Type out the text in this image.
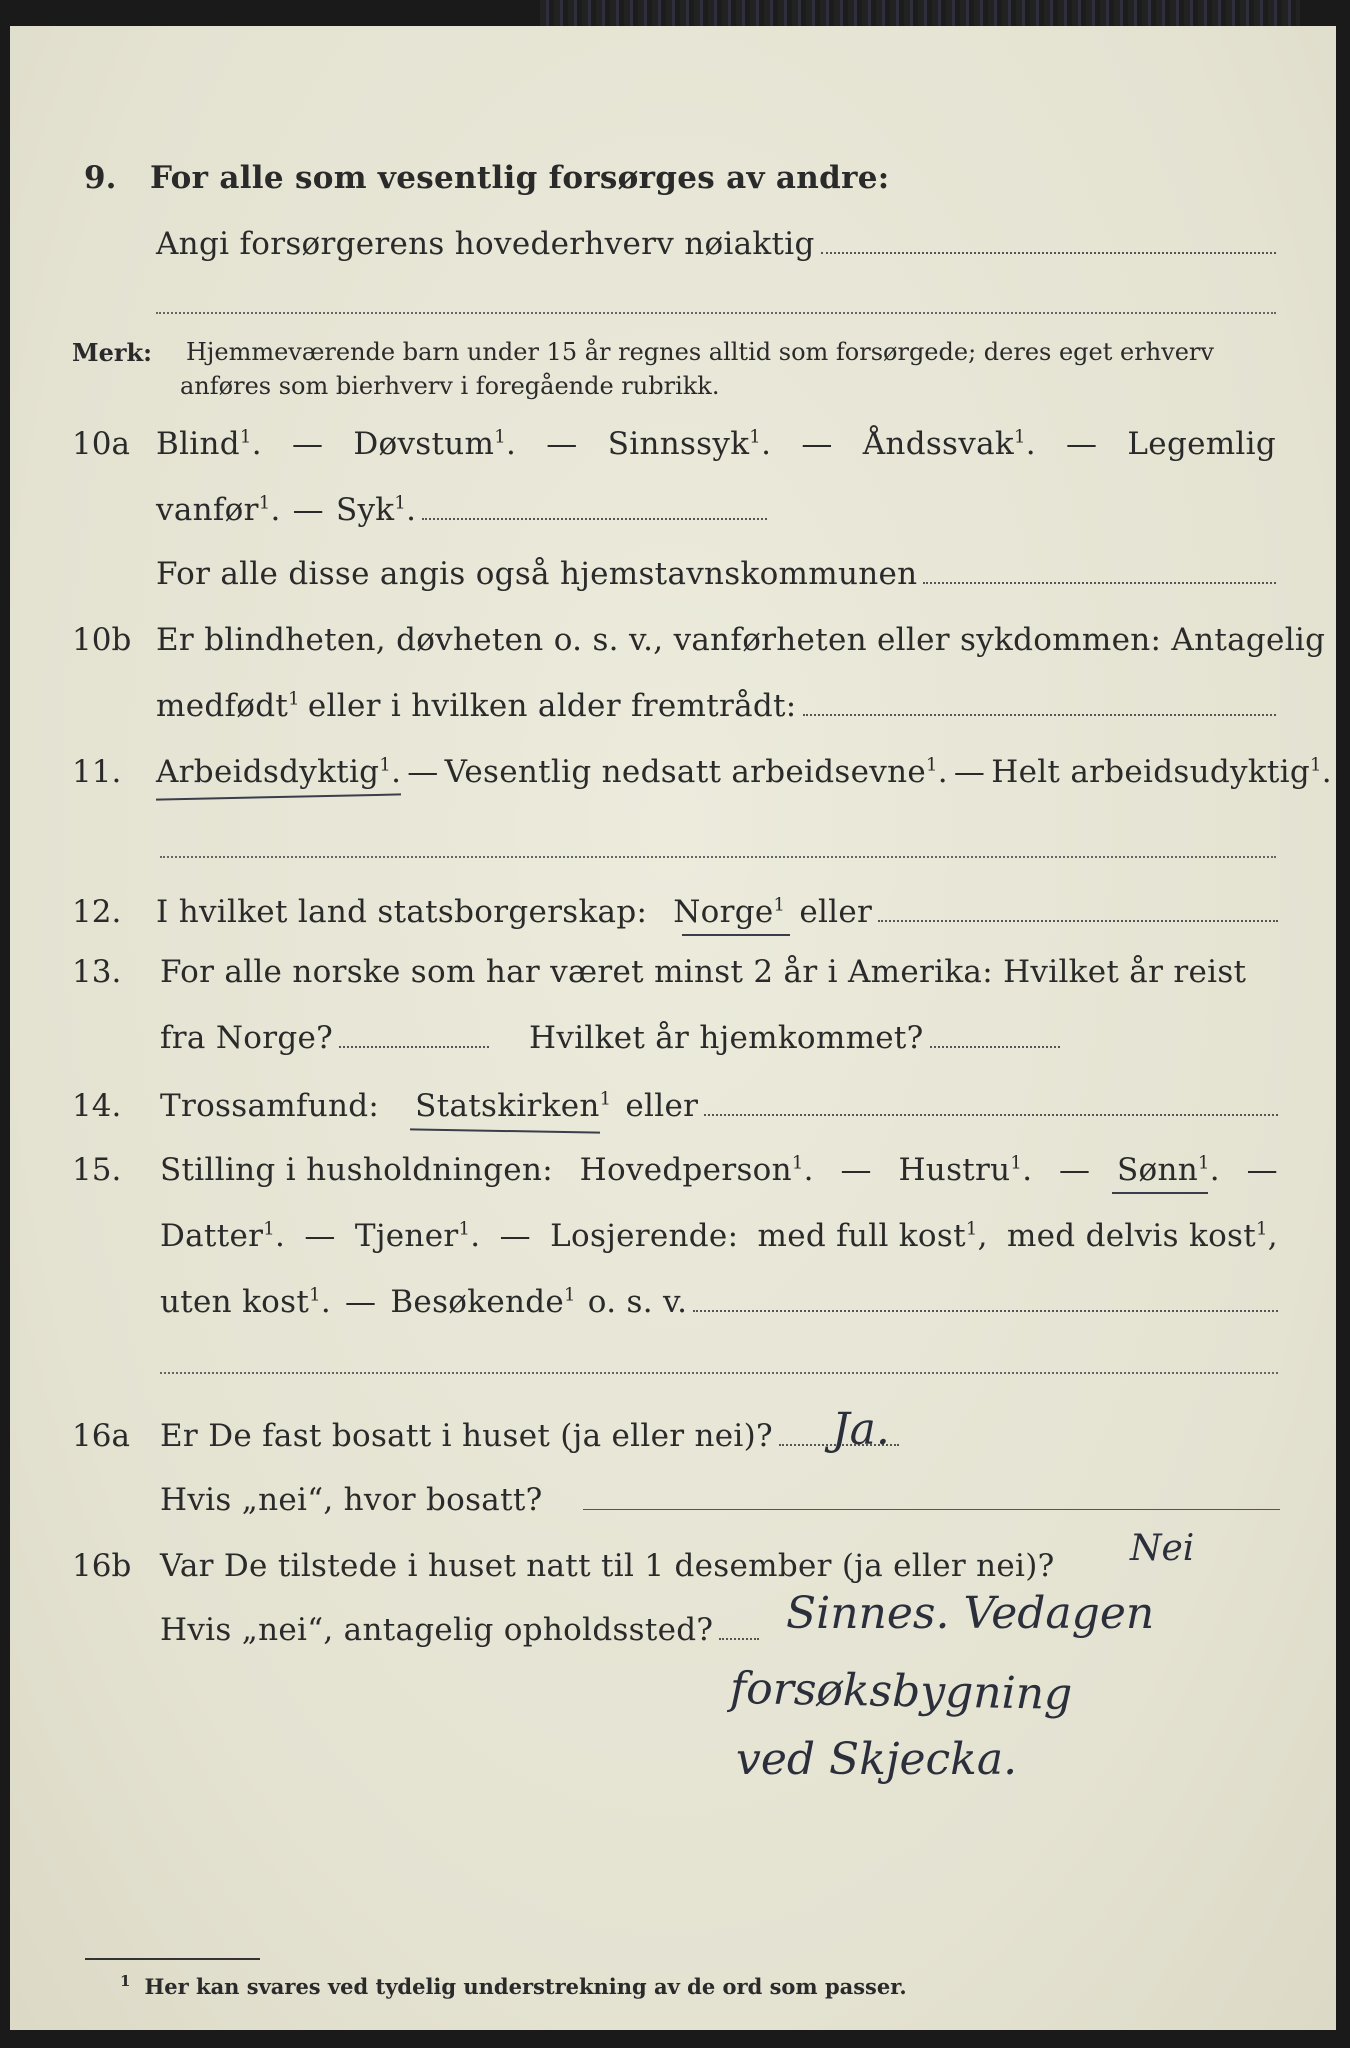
9. For alle som vesentlig forsørges av andre:
Angi forsørgerens hovederhverv nøiaktig
Merk: Hjemmeværende barn under 15 år regnes alltid som forsørgede; deres eget erhverv
anføres som bierhverv i foregående rubrikk.
10a Blind$^1$. — Døvstum$^1$. — Sinnssyk$^1$. — Åndssvak$^1$. — Legemlig
vanfør$^1$. — Syk$^1$.
For alle disse angis også hjemstavnskommunen
10b Er blindheten, døvheten o. s. v., vanførheten eller sykdommen: Antagelig
medfødt$^1$ eller i hvilken alder fremtrådt:
11. Arbeidsdyktig$^1$. — Vesentlig nedsatt arbeidsevne$^1$. — Helt arbeidsudyktig$^1$.
12. I hvilket land statsborgerskap: Norge$^1$ eller
13. For alle norske som har været minst 2 år i Amerika: Hvilket år reist
fra Norge?	Hvilket år hjemkommet?
14. Trossamfund: Statskirken$^1$ eller
15. Stilling i husholdningen: Hovedperson$^1$. — Hustru$^1$. — Sønn$^1$. —
Datter$^1$. — Tjener$^1$. — Losjerende: med full kost$^1$, med delvis kost$^1$,
uten kost$^1$. — Besøkende$^1$ o. s. v.
16a Er De fast bosatt i huset (ja eller nei)? Ja.
Hvis „nei“, hvor bosatt?
16b Var De tilstede i huset natt til 1 desember (ja eller nei)? Nei
Hvis „nei“, antagelig opholdssted? Sinnes. Vedagen
forsøksbygning
ved Skjecka.
$^1$ Her kan svares ved tydelig understrekning av de ord som passer.
